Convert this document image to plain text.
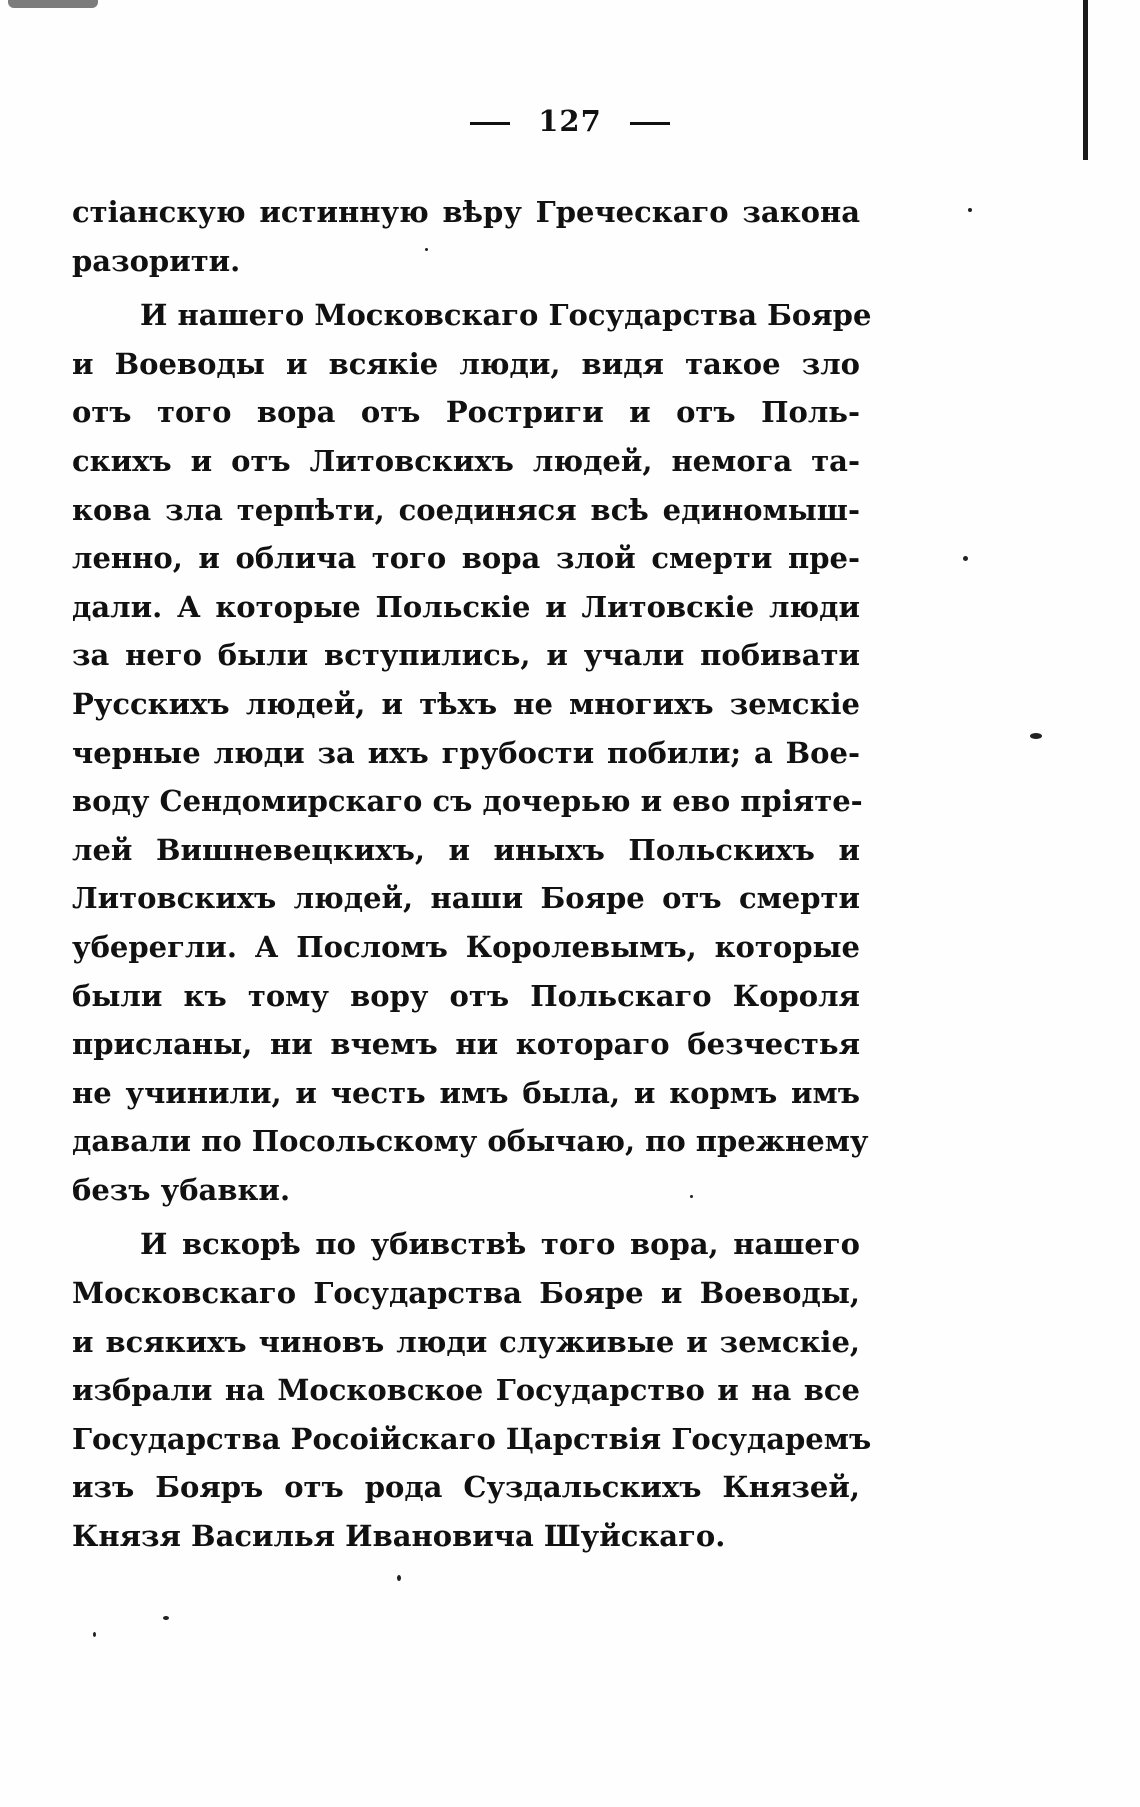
127
стіанскую истинную вѣру Греческаго закона
разорити.
И нашего Московскаго Государства Бояре
и Воеводы и всякіе люди, видя такое зло
отъ того вора отъ Ростриги и отъ Поль-
скихъ и отъ Литовскихъ людей, немога та-
кова зла терпѣти, соединяся всѣ единомыш-
ленно, и облича того вора злой смерти пре-
дали. А которые Польскіе и Литовскіе люди
за него были вступились, и учали побивати
Русскихъ людей, и тѣхъ не многихъ земскіе
черные люди за ихъ грубости побили; а Вое-
воду Сендомирскаго съ дочерью и ево пріяте-
лей Вишневецкихъ, и иныхъ Польскихъ и
Литовскихъ людей, наши Бояре отъ смерти
уберегли. А Посломъ Королевымъ, которые
были къ тому вору отъ Польскаго Короля
присланы, ни вчемъ ни котораго безчестья
не учинили, и честь имъ была, и кормъ имъ
давали по Посольскому обычаю, по прежнему
безъ убавки.
И вскорѣ по убивствѣ того вора, нашего
Московскаго Государства Бояре и Воеводы,
и всякихъ чиновъ люди служивые и земскіе,
избрали на Московское Государство и на все
Государства Росоійскаго Царствія Государемъ
изъ Бояръ отъ рода Суздальскихъ Князей,
Князя Василья Ивановича Шуйскаго.
